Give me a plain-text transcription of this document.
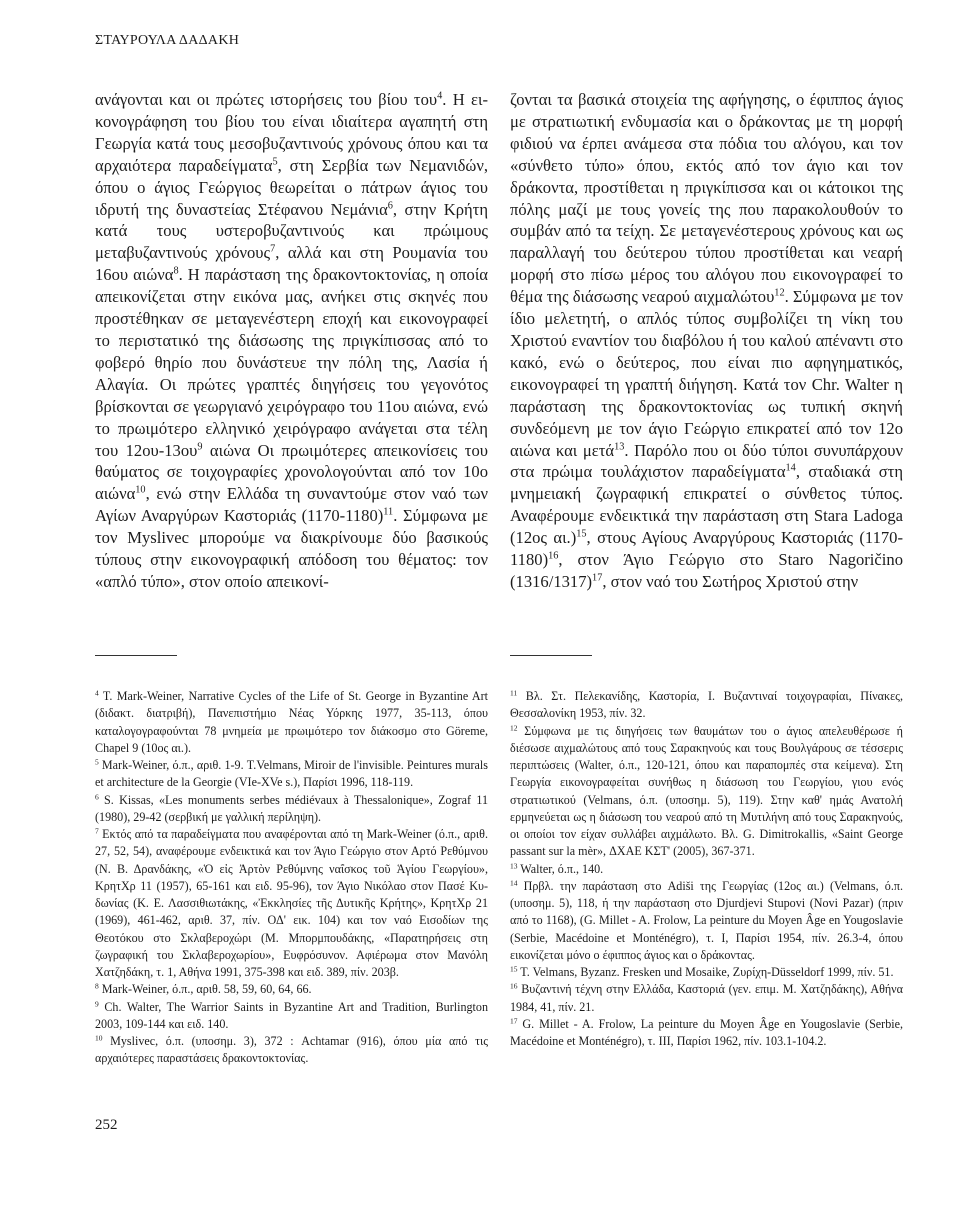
ΣΤΑΥΡΟΥΛΑ ΔΑΔΑΚΗ

ανάγονται και οι πρώτες ιστορήσεις του βίου του$^4$. Η εικονογράφηση του βίου του είναι ιδιαίτερα αγαπητή στη Γεωργία κατά τους μεσοβυζαντινούς χρόνους όπου και τα αρχαιότερα παραδείγματα$^5$, στη Σερβία των Νεμανιδών, όπου ο άγιος Γεώργιος θεωρείται ο πάτρων άγιος του ιδρυτή της δυναστείας Στέφανου Νεμάνια$^6$, στην Κρήτη κατά τους υστεροβυζαντινούς και πρώιμους μεταβυζαντινούς χρόνους$^7$, αλλά και στη Ρουμανία του 16ου αιώνα$^8$. Η παράσταση της δρακοντοκτονίας, η οποία απεικονίζεται στην εικόνα μας, ανήκει στις σκηνές που προστέθηκαν σε μεταγενέστερη εποχή και εικονογραφεί το περιστατικό της διάσωσης της πριγκίπισσας από το φοβερό θηρίο που δυνάστευε την πόλη της, Λασία ή Αλαγία. Οι πρώτες γραπτές διηγήσεις του γεγονότος βρίσκονται σε γεωργιανό χειρόγραφο του 11ου αιώνα, ενώ το πρωιμότερο ελληνικό χειρόγραφο ανάγεται στα τέλη του $12o\upsilon-13o\upsilon^9$ αιώνα Οι πρωιμότερες απεικονίσεις του θαύματος σε τοιχογραφίες χρονολογούνται από τον 10ο αιώνα$^{10}$, ενώ στην Ελλάδα τη συναντούμε στον ναό των Αγίων Αναργύρων Καστοριάς (1170-1180)$^{11}$. Σύμφωνα με τον Myslivec μπορούμε να διακρίνουμε δύο βασικούς τύπους στην εικονογραφική απόδοση του θέματος: τον «απλό τύπο», στον οποίο απεικονί-

ζονται τα βασικά στοιχεία της αφήγησης, ο έφιππος άγιος με στρατιωτική ενδυμασία και ο δράκοντας με τη μορφή φιδιού να έρπει ανάμεσα στα πόδια του αλόγου, και τον «σύνθετο τύπο» όπου, εκτός από τον άγιο και τον δράκοντα, προστίθεται η πριγκίπισσα και οι κάτοικοι της πόλης μαζί με τους γονείς της που παρακολουθούν το συμβάν από τα τείχη. Σε μεταγενέστερους χρόνους και ως παραλλαγή του δεύτερου τύπου προστίθεται και νεαρή μορφή στο πίσω μέρος του αλόγου που εικονογραφεί το θέμα της διάσωσης νεαρού αιχμαλώτου$^{12}$. Σύμφωνα με τον ίδιο μελετητή, ο απλός τύπος συμβολίζει τη νίκη του Χριστού εναντίον του διαβόλου ή του καλού απέναντι στο κακό, ενώ ο δεύτερος, που είναι πιο αφηγηματικός, εικονογραφεί τη γραπτή διήγηση. Κατά τον Chr. Walter η παράσταση της δρακοντοκτονίας ως τυπική σκηνή συνδεόμενη με τον άγιο Γεώργιο επικρατεί από τον 12ο αιώνα και μετά$^{13}$. Παρόλο που οι δύο τύποι συνυπάρχουν στα πρώιμα τουλάχιστον παραδείγματα$^{14}$, σταδιακά στη μνημειακή ζωγραφική επικρατεί ο σύνθετος τύπος. Αναφέρουμε ενδεικτικά την παράσταση στη Stara Ladoga (12ος αι.)$^{15}$, στους Αγίους Αναργύρους Καστοριάς (1170-1180)$^{16}$, στον Άγιο Γεώργιο στο Staro Nagoričino $(1316/1317)^{17}$, στον ναό του Σωτήρος Χριστού στην

$^4$ T. Mark-Weiner, Narrative Cycles of the Life of St. George in Byzantine Art (διδακτ. διατριβή), Πανεπιστήμιο Νέας Υόρκης 1977, 35-113, όπου καταλογογραφούνται 78 μνημεία με πρωιμότερο τον διάκοσμο στο Göreme, Chapel 9 (10ος αι.).

$^5$ Mark-Weiner, ό.π., αριθ. 1-9. T.Velmans, Miroir de l'invisible. Peintures murals et architecture de la Georgie (VIe-XVe s.), Παρίσι 1996, 118-119.

$^6$ S. Kissas, «Les monuments serbes médiévaux à Thessalonique», Zograf 11 (1980), 29-42 (σερβική με γαλλική περίληψη).

$^7$ Εκτός από τα παραδείγματα που αναφέρονται από τη Mark-Weiner (ό.π., αριθ. 27, 52, 54), αναφέρουμε ενδεικτικά και τον Άγιο Γεώργιο στον Αρτό Ρεθύμνου (Ν. Β. Δρανδάκης, «Ὁ εἰς Ἀρτὸν Ρεθύμνης ναΐσκος τοῦ Ἁγίου Γεωργίου», ΚρητΧρ 11 (1957), 65-161 και ειδ. 95-96), τον Άγιο Νικόλαο στον Πασέ Κυδωνίας (Κ. Ε. Λασσιθιωτάκης, «Ἐκκλησίες τῆς Δυτικῆς Κρήτης», ΚρητΧρ 21 (1969), 461-462, αριθ. 37, πίν. ΟΔ' εικ. 104) και τον ναό Εισοδίων της Θεοτόκου στο Σκλαβεροχώρι (Μ. Μπορμπουδάκης, «Παρατηρήσεις στη ζωγραφική του Σκλαβεροχωρίου», Ευφρόσυνον. Αφιέρωμα στον Μανόλη Χατζηδάκη, τ. 1, Αθήνα 1991, 375-398 και ειδ. 389, πίν. 203β.

$^8$ Mark-Weiner, ό.π., αριθ. 58, 59, 60, 64, 66.

$^9$ Ch. Walter, The Warrior Saints in Byzantine Art and Tradition, Burlington 2003, 109-144 και ειδ. 140.

$^{10}$ Myslivec, ό.π. (υποσημ. 3), 372 : Achtamar (916), όπου μία από τις αρχαιότερες παραστάσεις δρακοντοκτονίας.

$^{11}$ Βλ. Στ. Πελεκανίδης, Καστορία, Ι. Βυζαντιναί τοιχογραφίαι, Πίνακες, Θεσσαλονίκη 1953, πίν. 32.

$^{12}$ Σύμφωνα με τις διηγήσεις των θαυμάτων του ο άγιος απελευθέρωσε ή διέσωσε αιχμαλώτους από τους Σαρακηνούς και τους Βουλγάρους σε τέσσερις περιπτώσεις (Walter, ό.π., 120-121, όπου και παραπομπές στα κείμενα). Στη Γεωργία εικονογραφείται συνήθως η διάσωση του Γεωργίου, γιου ενός στρατιωτικού (Velmans, ό.π. (υποσημ. 5), 119). Στην καθ' ημάς Ανατολή ερμηνεύεται ως η διάσωση του νεαρού από τη Μυτιλήνη από τους Σαρακηνούς, οι οποίοι τον είχαν συλλάβει αιχμάλωτο. Βλ. G. Dimitrokallis, «Saint George passant sur la mèr», ΔΧΑΕ ΚΣΤ' (2005), 367-371.

$^{13}$ Walter, ό.π., 140.

$^{14}$ Πρβλ. την παράσταση στο Adiši της Γεωργίας (12ος αι.) (Velmans, ό.π. (υποσημ. 5), 118, ή την παράσταση στο Djurdjevi Stupovi (Novi Pazar) (πριν από το 1168), (G. Millet - A. Frolow, La peinture du Moyen Âge en Yougoslavie (Serbie, Macédoine et Monténégro), τ. I, Παρίσι 1954, πίν. 26.3-4, όπου εικονίζεται μόνο ο έφιππος άγιος και ο δράκοντας.

$^{15}$ T. Velmans, Byzanz. Fresken und Mosaike, Ζυρίχη-Düsseldorf 1999, πίν. 51.

$^{16}$ Βυζαντινή τέχνη στην Ελλάδα, Καστοριά (γεν. επιμ. Μ. Χατζηδάκης), Αθήνα 1984, 41, πίν. 21.

$^{17}$ G. Millet - A. Frolow, La peinture du Moyen Âge en Yougoslavie (Serbie, Macédoine et Monténégro), τ. III, Παρίσι 1962, πίν. 103.1-104.2.

252
